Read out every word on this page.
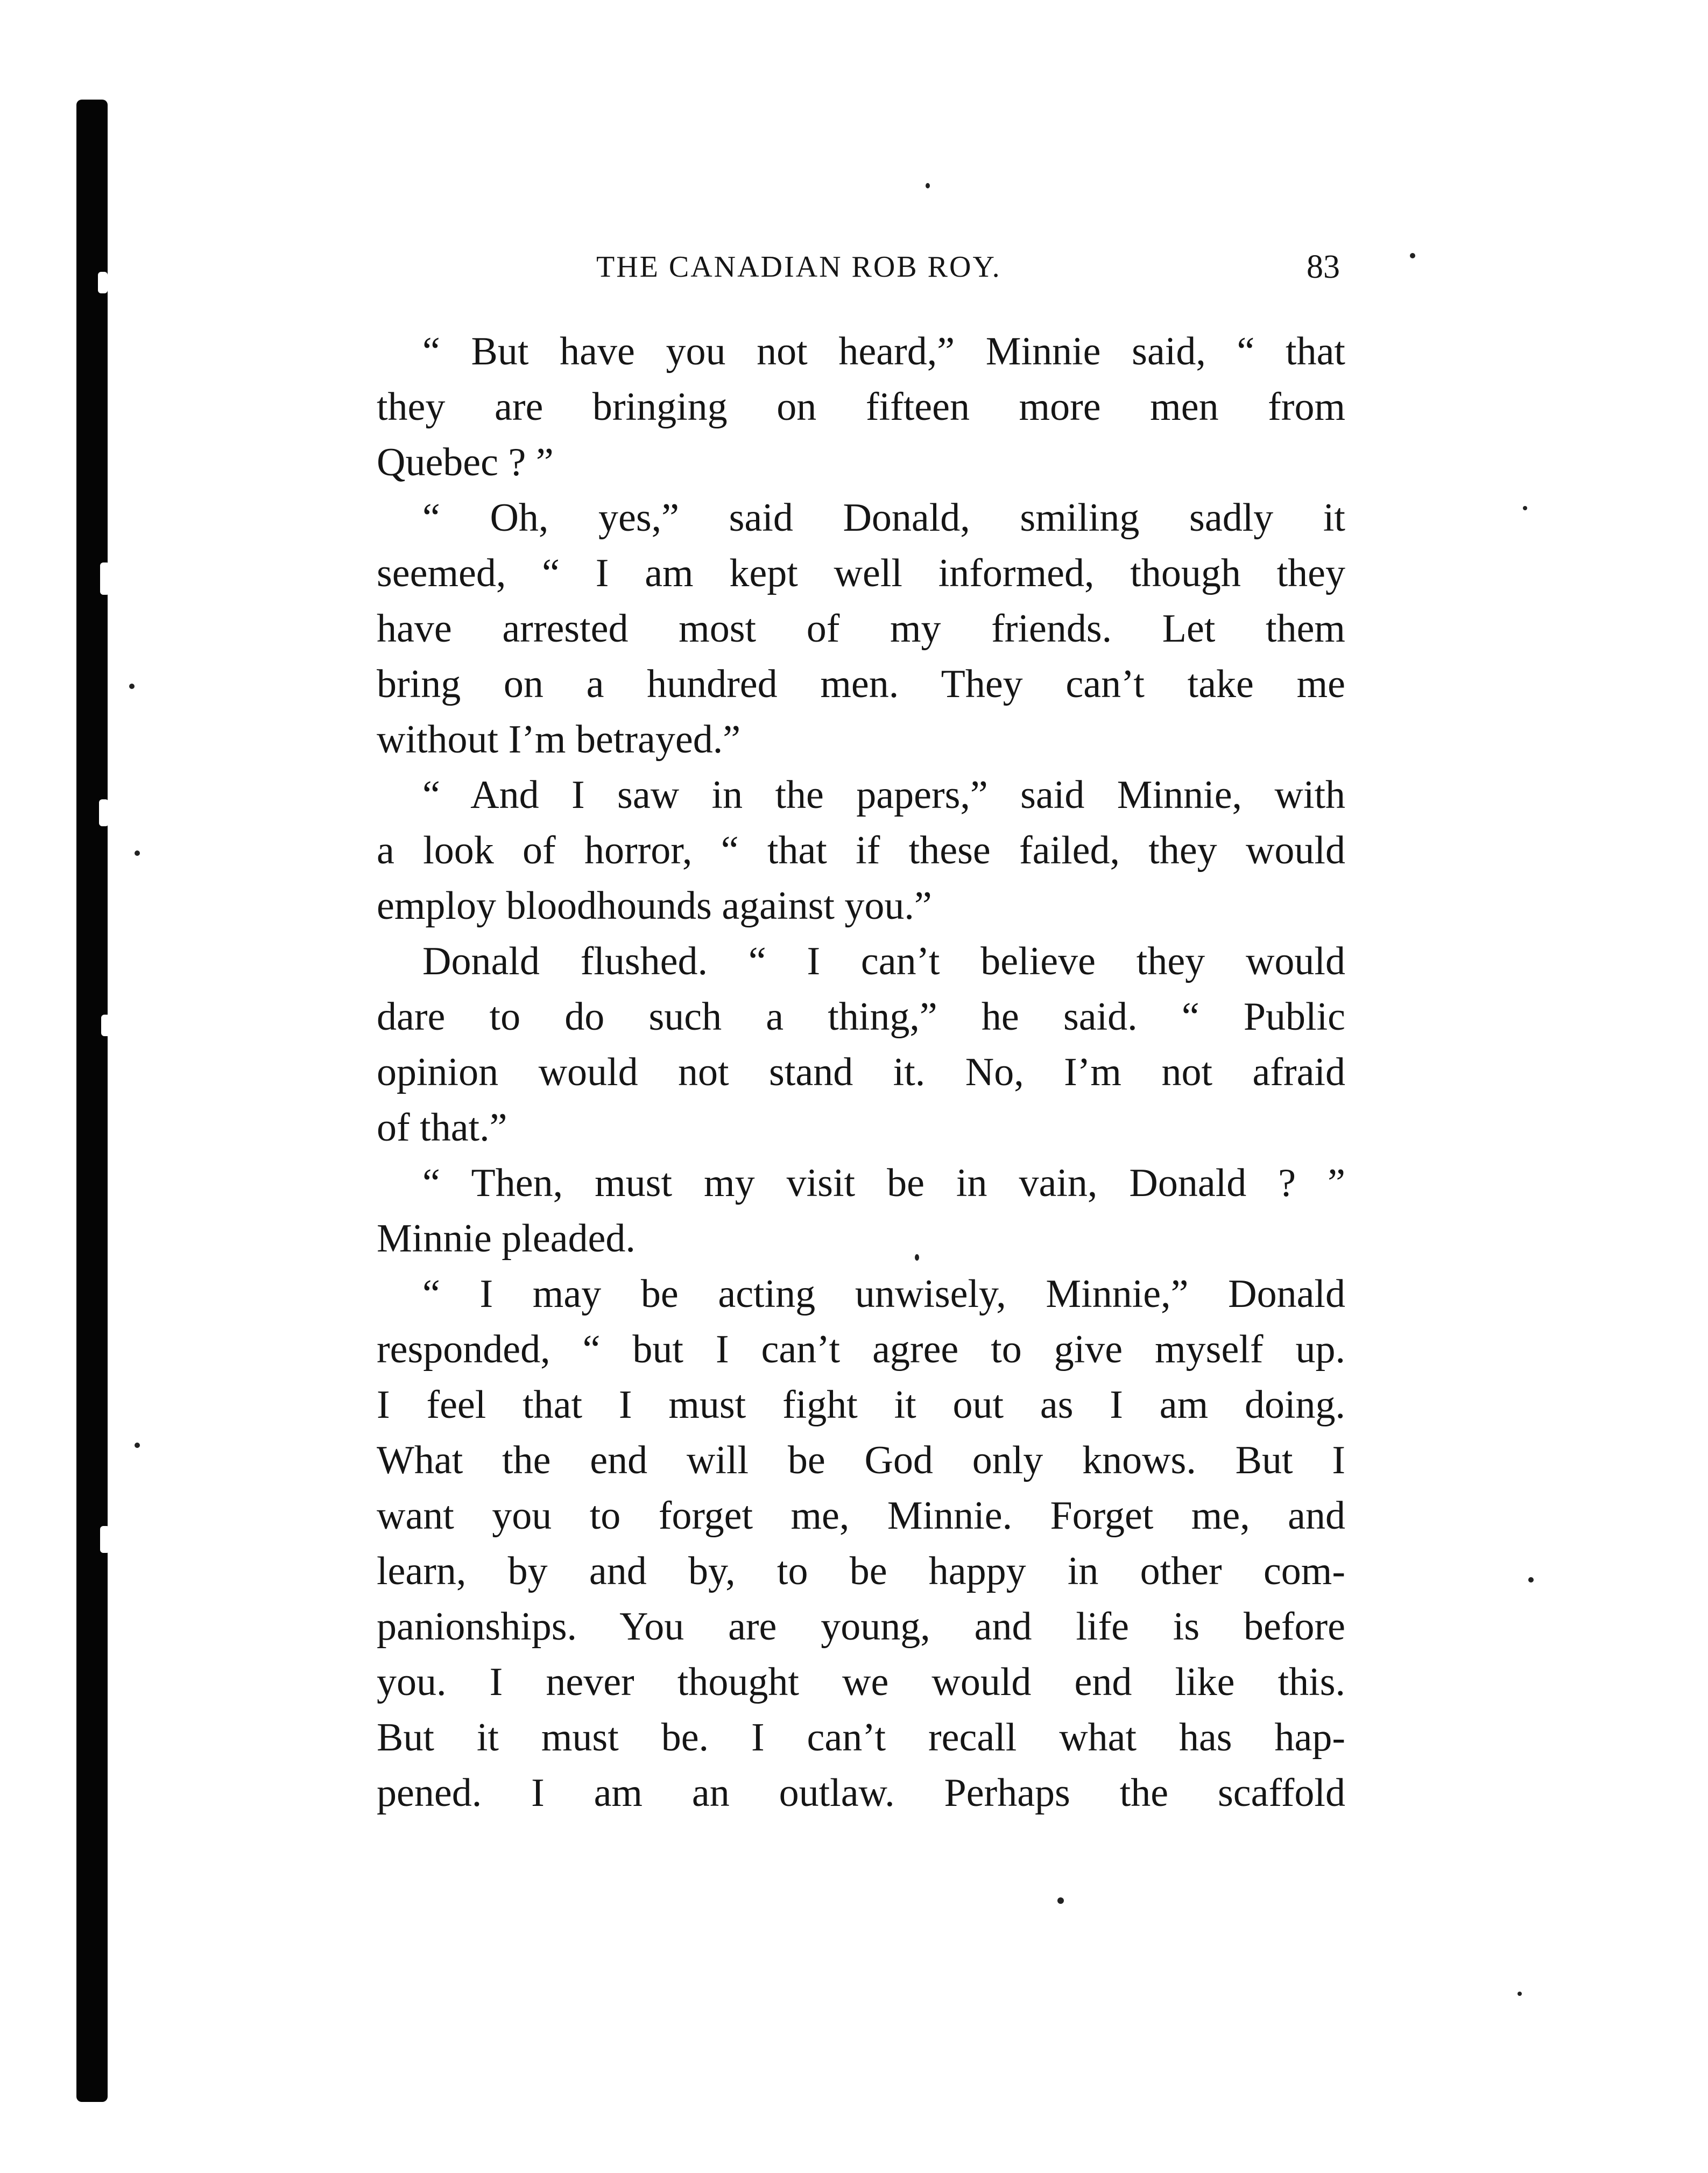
THE CANADIAN ROB ROY.	83
“ But have you not heard,” Minnie said, “ that
they are bringing on fifteen more men from
Quebec ? ”
“ Oh, yes,” said Donald, smiling sadly it
seemed, “ I am kept well informed, though they
have arrested most of my friends. Let them
bring on a hundred men. They can’t take me
without I’m betrayed.”
“ And I saw in the papers,” said Minnie, with
a look of horror, “ that if these failed, they would
employ bloodhounds against you.”
Donald flushed. “ I can’t believe they would
dare to do such a thing,” he said. “ Public
opinion would not stand it. No, I’m not afraid
of that.”
“ Then, must my visit be in vain, Donald ? ”
Minnie pleaded.
“ I may be acting unwisely, Minnie,” Donald
responded, “ but I can’t agree to give myself up.
I feel that I must fight it out as I am doing.
What the end will be God only knows. But I
want you to forget me, Minnie. Forget me, and
learn, by and by, to be happy in other com-
panionships. You are young, and life is before
you. I never thought we would end like this.
But it must be. I can’t recall what has hap-
pened. I am an outlaw. Perhaps the scaffold
